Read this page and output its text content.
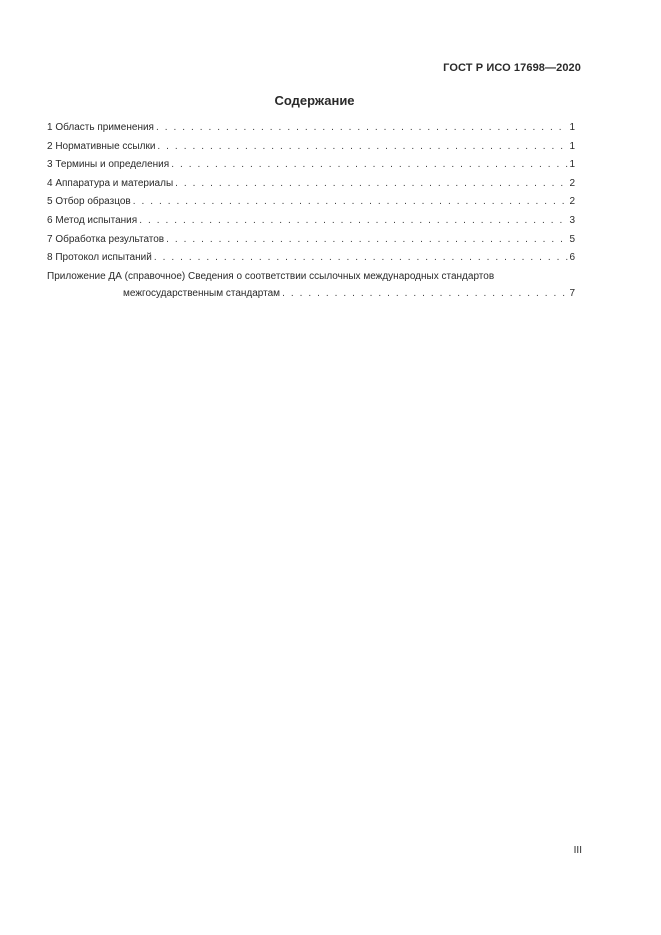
ГОСТ Р ИСО 17698—2020
Содержание
1 Область применения . . .	1
2 Нормативные ссылки . . .	1
3 Термины и определения . . .	1
4 Аппаратура и материалы . . .	2
5 Отбор образцов . . .	2
6 Метод испытания . . .	3
7 Обработка результатов . . .	5
8 Протокол испытаний . . .	6
Приложение ДА (справочное) Сведения о соответствии ссылочных международных стандартов
межгосударственным стандартам . . .	7
III
